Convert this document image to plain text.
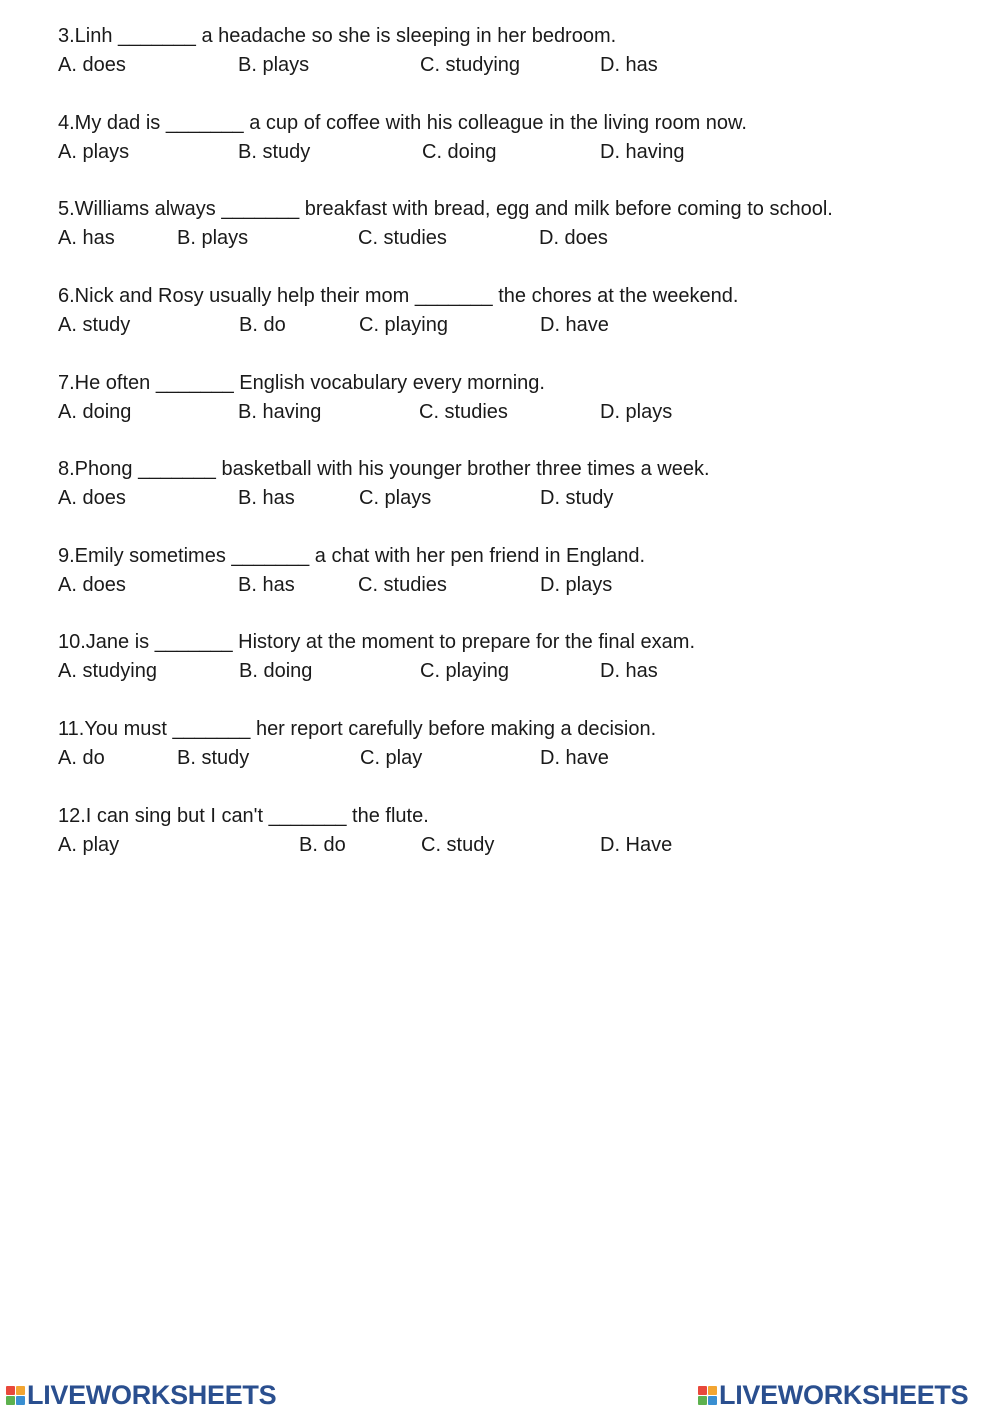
3.Linh _______ a headache so she is sleeping in her bedroom.
A. does	B. plays	C. studying	D. has
4.My dad is _______ a cup of coffee with his colleague in the living room now.
A. plays	B. study	C. doing	D. having
5.Williams always _______ breakfast with bread, egg and milk before coming to school.
A. has	B. plays	C. studies	D. does
6.Nick and Rosy usually help their mom _______ the chores at the weekend.
A. study	B. do	C. playing	D. have
7.He often _______ English vocabulary every morning.
A. doing	B. having	C. studies	D. plays
8.Phong _______ basketball with his younger brother three times a week.
A. does	B. has	C. plays	D. study
9.Emily sometimes _______ a chat with her pen friend in England.
A. does	B. has	C. studies	D. plays
10.Jane is _______ History at the moment to prepare for the final exam.
A. studying	B. doing	C. playing	D. has
11.You must _______ her report carefully before making a decision.
A. do	B. study	C. play	D. have
12.I can sing but I can't _______ the flute.
A. play	B. do	C. study	D. Have
LIVEWORKSHEETS	LIVEWORKSHEETS
